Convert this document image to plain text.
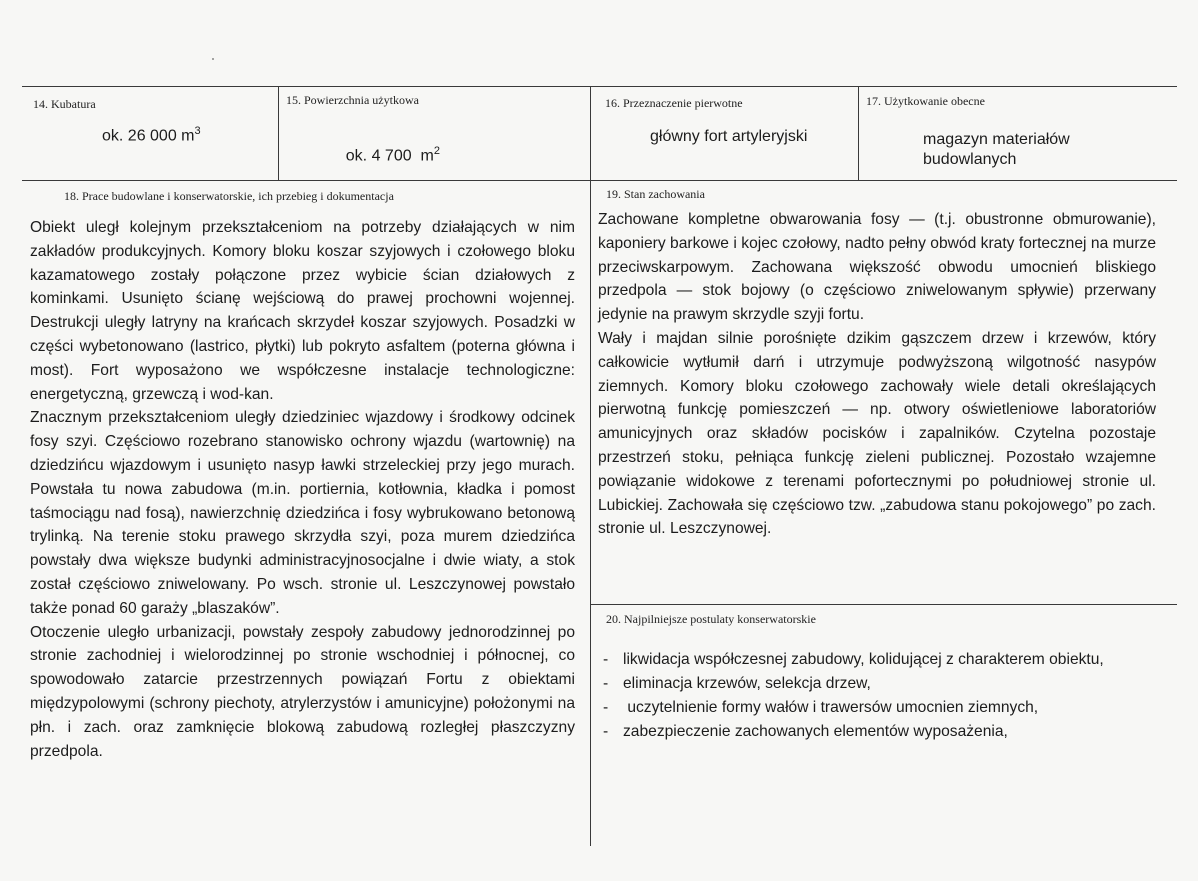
14. Kubatura
ok. 26 000 $m^3$
15. Powierzchnia użytkowa

ok. 4 700  $m^2$

16. Przeznaczenie pierwotne
główny fort artyleryjski
17. Użytkowanie obecne
magazyn materiałów
budowlanych
18. Prace budowlane i konserwatorskie, ich przebieg i dokumentacja

Obiekt uległ kolejnym przekształceniom na potrzeby działających w nim zakładów produkcyjnych. Komory bloku koszar szyjowych i czołowego bloku kazamatowego zostały połączone przez wybicie ścian działowych z kominkami. Usunięto ścianę wejściową do prawej prochowni wojennej. Destrukcji uległy latryny na krańcach skrzydeł koszar szyjowych. Posadzki w części wybetonowano (lastrico, płytki) lub pokryto asfaltem (poterna główna i most). Fort wyposażono we współczesne instalacje technologiczne: energetyczną, grzewczą i wod-kan.

Znacznym przekształceniom uległy dziedziniec wjazdowy i środkowy odcinek fosy szyi. Częściowo rozebrano stanowisko ochrony wjazdu (wartownię) na dziedzińcu wjazdowym i usunięto nasyp ławki strzeleckiej przy jego murach. Powstała tu nowa zabudowa (m.in. portiernia, kotłownia, kładka i pomost taśmociągu nad fosą), nawierzchnię dziedzińca i fosy wybrukowano betonową trylinką. Na terenie stoku prawego skrzydła szyi, poza murem dziedzińca powstały dwa większe budynki administracyjnosocjalne i dwie wiaty, a stok został częściowo zniwelowany. Po wsch. stronie ul. Leszczynowej powstało także ponad 60 garaży „blaszaków”.

Otoczenie uległo urbanizacji, powstały zespoły zabudowy jednorodzinnej po stronie zachodniej i wielorodzinnej po stronie wschodniej i północnej, co spowodowało zatarcie przestrzennych powiązań Fortu z obiektami międzypolowymi (schrony piechoty, atrylerzystów i amunicyjne) położonymi na płn. i zach. oraz zamknięcie blokową zabudową rozległej płaszczyzny przedpola.

19. Stan zachowania

Zachowane kompletne obwarowania fosy — (t.j. obustronne obmurowanie), kaponiery barkowe i kojec czołowy, nadto pełny obwód kraty fortecznej na murze przeciwskarpowym. Zachowana większość obwodu umocnień bliskiego przedpola — stok bojowy (o częściowo zniwelowanym spływie) przerwany jedynie na prawym skrzydle szyji fortu.

Wały i majdan silnie porośnięte dzikim gąszczem drzew i krzewów, który całkowicie wytłumił darń i utrzymuje podwyższoną wilgotność nasypów ziemnych. Komory bloku czołowego zachowały wiele detali określających pierwotną funkcję pomieszczeń — np. otwory oświetleniowe laboratoriów amunicyjnych oraz składów pocisków i zapalników. Czytelna pozostaje przestrzeń stoku, pełniąca funkcję zieleni publicznej. Pozostało wzajemne powiązanie widokowe z terenami pofortecznymi po południowej stronie ul. Lubickiej. Zachowała się częściowo tzw. „zabudowa stanu pokojowego” po zach. stronie ul. Leszczynowej.

20. Najpilniejsze postulaty konserwatorskie
- likwidacja współczesnej zabudowy, kolidującej z charakterem obiektu,
- eliminacja krzewów, selekcja drzew,
- uczytelnienie formy wałów i trawersów umocnien ziemnych,
- zabezpieczenie zachowanych elementów wyposażenia,
